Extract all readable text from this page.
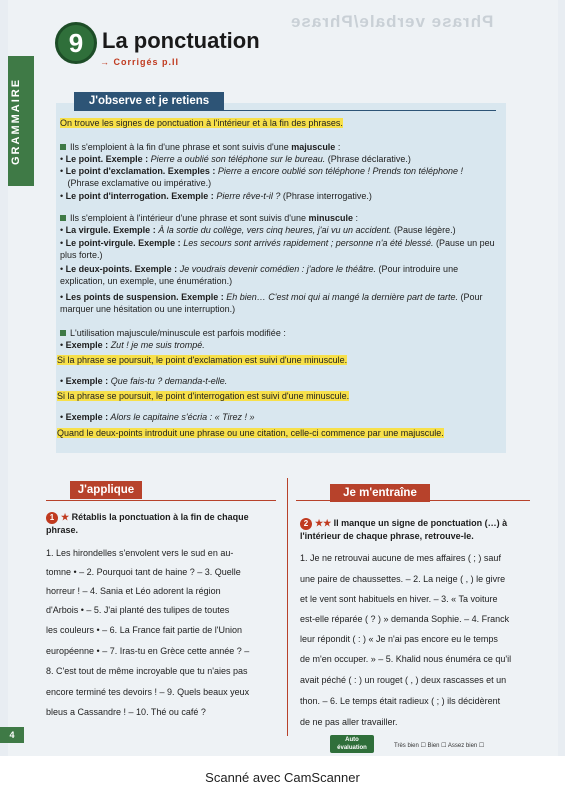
GRAMMAIRE
Phrase verbale/Phrase
9 La ponctuation
→ Corrigés p.II
J'observe et je retiens
On trouve les signes de ponctuation à l'intérieur et à la fin des phrases.
Ils s'emploient à la fin d'une phrase et sont suivis d'une majuscule :
• Le point. Exemple : Pierre a oublié son téléphone sur le bureau. (Phrase déclarative.)
• Le point d'exclamation. Exemples : Pierre a encore oublié son téléphone ! Prends ton téléphone !
(Phrase exclamative ou impérative.)
• Le point d'interrogation. Exemple : Pierre rêve-t-il ? (Phrase interrogative.)
Ils s'emploient à l'intérieur d'une phrase et sont suivis d'une minuscule :
• La virgule. Exemple : À la sortie du collège, vers cinq heures, j'ai vu un accident. (Pause légère.)
• Le point-virgule. Exemple : Les secours sont arrivés rapidement ; personne n'a été blessé. (Pause un peu plus forte.)
• Le deux-points. Exemple : Je voudrais devenir comédien : j'adore le théâtre. (Pour introduire une explication, un exemple, une énumération.)
• Les points de suspension. Exemple : Eh bien… C'est moi qui ai mangé la dernière part de tarte. (Pour marquer une hésitation ou une interruption.)
L'utilisation majuscule/minuscule est parfois modifiée :
• Exemple : Zut ! je me suis trompé.
Si la phrase se poursuit, le point d'exclamation est suivi d'une minuscule.
• Exemple : Que fais-tu ? demanda-t-elle.
Si la phrase se poursuit, le point d'interrogation est suivi d'une minuscule.
• Exemple : Alors le capitaine s'écria : « Tirez ! »
Quand le deux-points introduit une phrase ou une citation, celle-ci commence par une majuscule.
J'applique
1 ★ Rétablis la ponctuation à la fin de chaque phrase.
1. Les hirondelles s'envolent vers le sud en au-
tomne • – 2. Pourquoi tant de haine ? – 3. Quelle
horreur ! – 4. Sania et Léo adorent la région
d'Arbois • – 5. J'ai planté des tulipes de toutes
les couleurs • – 6. La France fait partie de l'Union
européenne • – 7. Iras-tu en Grèce cette année ? –
8. C'est tout de même incroyable que tu n'aies pas
encore terminé tes devoirs ! – 9. Quels beaux yeux
bleus a Cassandre ! – 10. Thé ou café ?
Je m'entraîne
2 ★★ Il manque un signe de ponctuation (…) à l'intérieur de chaque phrase, retrouve-le.
1. Je ne retrouvai aucune de mes affaires ( ; ) sauf
une paire de chaussettes. – 2. La neige ( , ) le givre
et le vent sont habituels en hiver. – 3. « Ta voiture
est-elle réparée ( ? ) » demanda Sophie. – 4. Franck
leur répondit ( : ) « Je n'ai pas encore eu le temps
de m'en occuper. » – 5. Khalid nous énuméra ce qu'il
avait péché ( : ) un rouget ( , ) deux rascasses et un
thon. – 6. Le temps était radieux ( ; ) ils décidèrent
de ne pas aller travailler.
Auto évaluation	Très bien ☐ Bien ☐ Assez bien ☐
4
Scanné avec CamScanner
